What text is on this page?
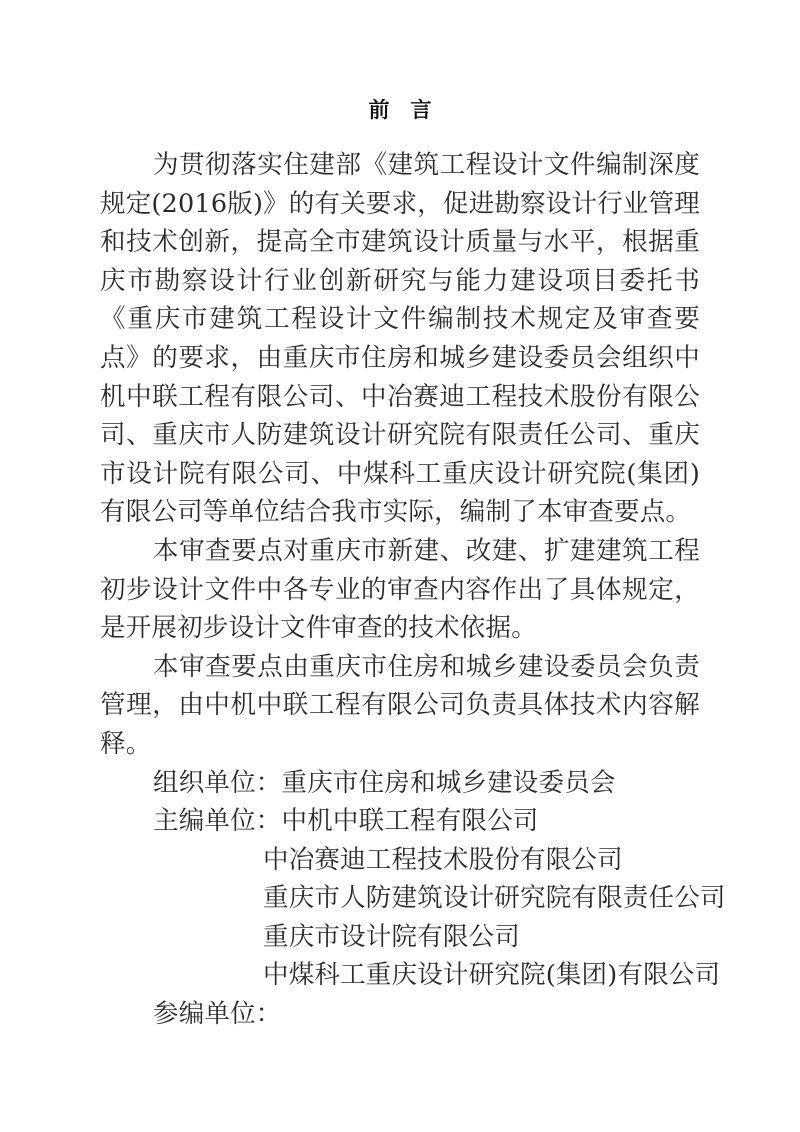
前　言

为贯彻落实住建部《建筑工程设计文件编制深度规定(2016版)》的有关要求，促进勘察设计行业管理和技术创新，提高全市建筑设计质量与水平，根据重庆市勘察设计行业创新研究与能力建设项目委托书《重庆市建筑工程设计文件编制技术规定及审查要点》的要求，由重庆市住房和城乡建设委员会组织中机中联工程有限公司、中冶赛迪工程技术股份有限公司、重庆市人防建筑设计研究院有限责任公司、重庆市设计院有限公司、中煤科工重庆设计研究院(集团)有限公司等单位结合我市实际，编制了本审查要点。

本审查要点对重庆市新建、改建、扩建建筑工程初步设计文件中各专业的审查内容作出了具体规定，是开展初步设计文件审查的技术依据。

本审查要点由重庆市住房和城乡建设委员会负责管理，由中机中联工程有限公司负责具体技术内容解释。

组织单位：重庆市住房和城乡建设委员会
主编单位：中机中联工程有限公司
中冶赛迪工程技术股份有限公司
重庆市人防建筑设计研究院有限责任公司
重庆市设计院有限公司
中煤科工重庆设计研究院(集团)有限公司
参编单位：
